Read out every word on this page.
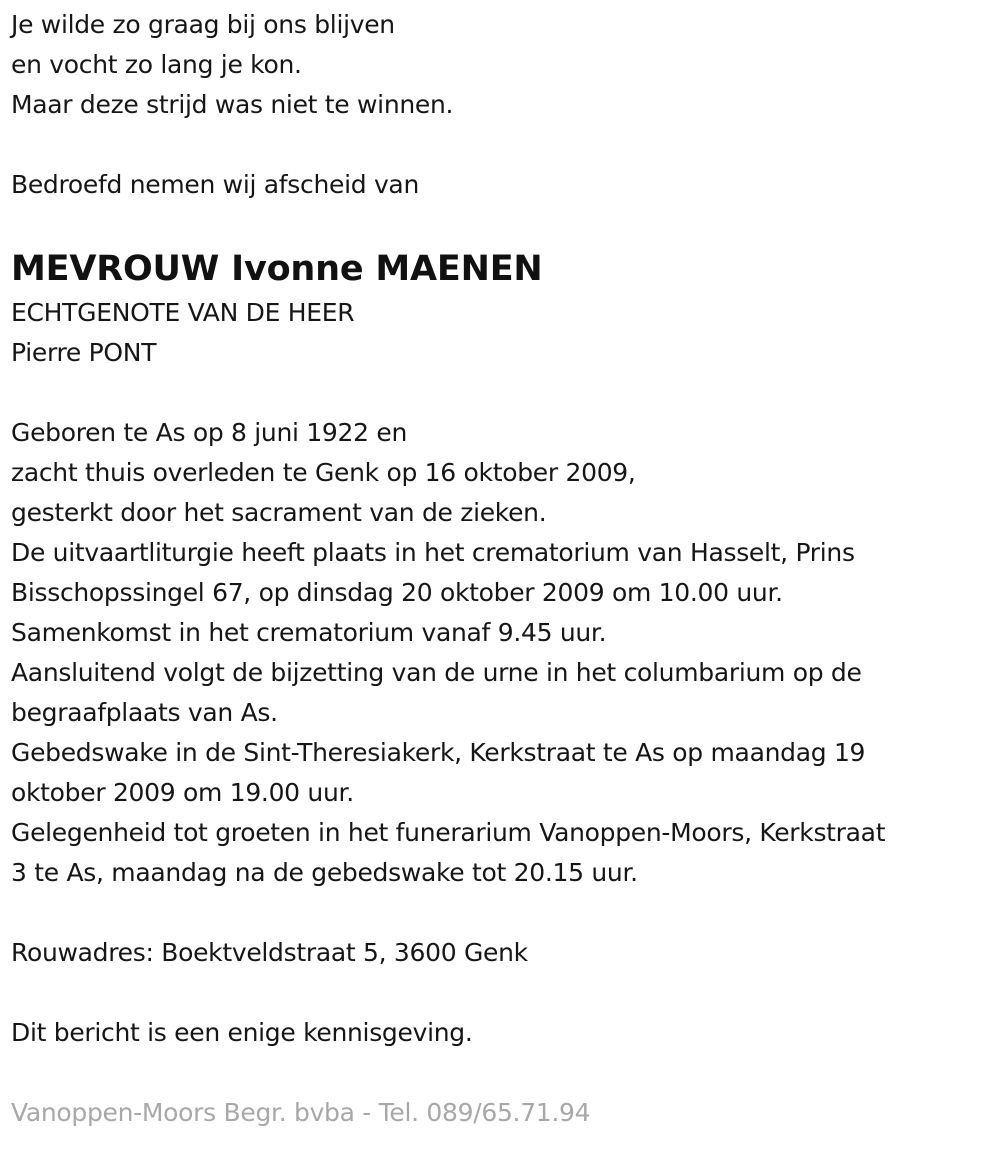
Je wilde zo graag bij ons blijven
en vocht zo lang je kon.
Maar deze strijd was niet te winnen.
Bedroefd nemen wij afscheid van
MEVROUW Ivonne MAENEN
ECHTGENOTE VAN DE HEER
Pierre PONT
Geboren te As op 8 juni 1922 en
zacht thuis overleden te Genk op 16 oktober 2009,
gesterkt door het sacrament van de zieken.
De uitvaartliturgie heeft plaats in het crematorium van Hasselt, Prins
Bisschopssingel 67, op dinsdag 20 oktober 2009 om 10.00 uur.
Samenkomst in het crematorium vanaf 9.45 uur.
Aansluitend volgt de bijzetting van de urne in het columbarium op de
begraafplaats van As.
Gebedswake in de Sint-Theresiakerk, Kerkstraat te As op maandag 19
oktober 2009 om 19.00 uur.
Gelegenheid tot groeten in het funerarium Vanoppen-Moors, Kerkstraat
3 te As, maandag na de gebedswake tot 20.15 uur.
Rouwadres: Boektveldstraat 5, 3600 Genk
Dit bericht is een enige kennisgeving.
Vanoppen-Moors Begr. bvba - Tel. 089/65.71.94
